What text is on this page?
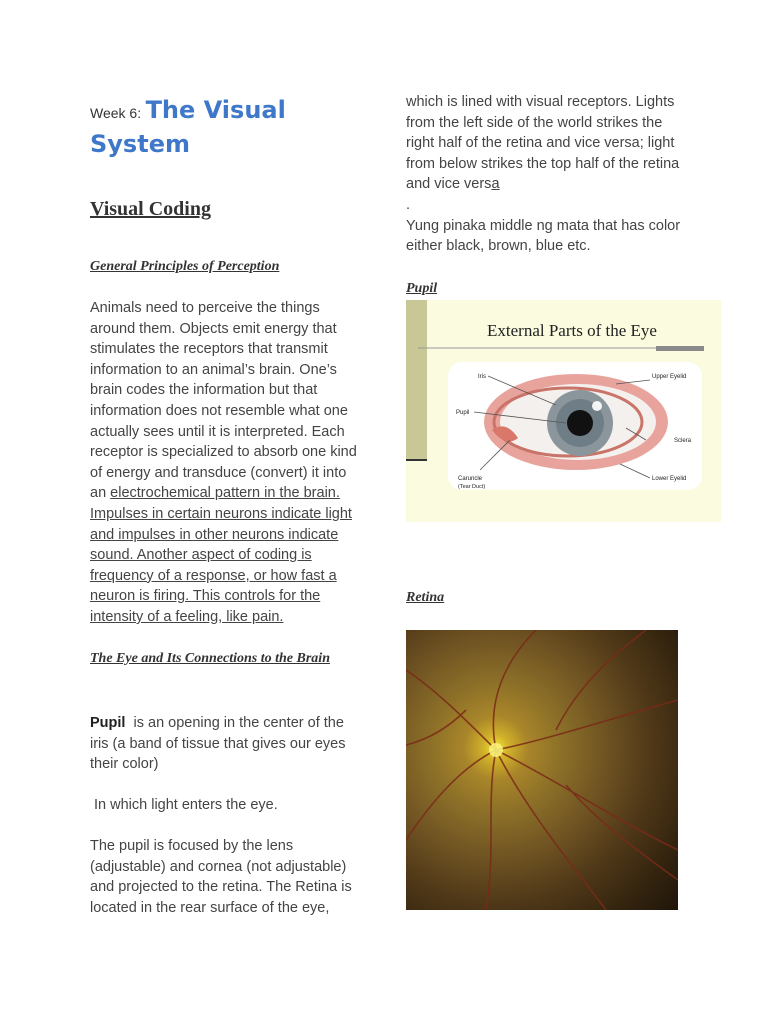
Week 6: The Visual
System
Visual Coding
General Principles of Perception
Animals need to perceive the things around them. Objects emit energy that stimulates the receptors that transmit information to an animal’s brain. One’s brain codes the information but that information does not resemble what one actually sees until it is interpreted. Each receptor is specialized to absorb one kind of energy and transduce (convert) it into an electrochemical pattern in the brain. Impulses in certain neurons indicate light and impulses in other neurons indicate sound. Another aspect of coding is frequency of a response, or how fast a neuron is firing. This controls for the intensity of a feeling, like pain.
The Eye and Its Connections to the Brain
Pupil is an opening in the center of the iris (a band of tissue that gives our eyes their color)
In which light enters the eye.
The pupil is focused by the lens (adjustable) and cornea (not adjustable) and projected to the retina. The Retina is located in the rear surface of the eye,
which is lined with visual receptors. Lights from the left side of the world strikes the right half of the retina and vice versa; light from below strikes the top half of the retina and vice versa
.
Yung pinaka middle ng mata that has color either black, brown, blue etc.
Pupil
External Parts of the Eye
Iris
Pupil
Caruncle
(Tear Duct)
Upper Eyelid
Sclera
Lower Eyelid
Retina
